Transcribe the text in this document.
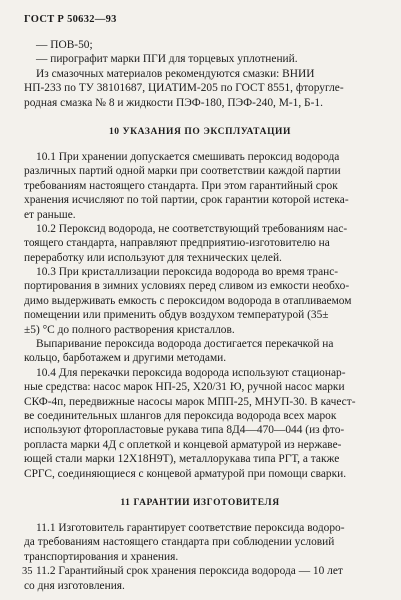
ГОСТ Р 50632—93
— ПОВ-50;
— пирографит марки ПГИ для торцевых уплотнений.
Из смазочных материалов рекомендуются смазки: ВНИИ
НП-233 по ТУ 38101687, ЦИАТИМ-205 по ГОСТ 8551, фторугле-
родная смазка № 8 и жидкости ПЭФ-180, ПЭФ-240, М-1, Б-1.
10 УКАЗАНИЯ ПО ЭКСПЛУАТАЦИИ
10.1 При хранении допускается смешивать пероксид водорода
различных партий одной марки при соответствии каждой партии
требованиям настоящего стандарта. При этом гарантийный срок
хранения исчисляют по той партии, срок гарантии которой истека-
ет раньше.
10.2 Пероксид водорода, не соответствующий требованиям нас-
тоящего стандарта, направляют предприятию-изготовителю на
переработку или используют для технических целей.
10.3 При кристаллизации пероксида водорода во время транс-
портирования в зимних условиях перед сливом из емкости необхо-
димо выдерживать емкость с пероксидом водорода в отапливаемом
помещении или применить обдув воздухом температурой (35±
±5) °С до полного растворения кристаллов.
Выпаривание пероксида водорода достигается перекачкой на
кольцо, барботажем и другими методами.
10.4 Для перекачки пероксида водорода используют стационар-
ные средства: насос марок НП-25, Х20/31 Ю, ручной насос марки
СКФ-4п, передвижные насосы марок МПП-25, МНУП-30. В качест-
ве соединительных шлангов для пероксида водорода всех марок
используют фторопластовые рукава типа 8Д4—470—044 (из фто-
ропласта марки 4Д с оплеткой и концевой арматурой из нержаве-
ющей стали марки 12Х18Н9Т), металлорукава типа РГТ, а также
СРГС, соединяющиеся с концевой арматурой при помощи сварки.
11 ГАРАНТИИ ИЗГОТОВИТЕЛЯ
11.1 Изготовитель гарантирует соответствие пероксида водоро-
да требованиям настоящего стандарта при соблюдении условий
транспортирования и хранения.
11.2 Гарантийный срок хранения пероксида водорода — 10 лет
со дня изготовления.
35
